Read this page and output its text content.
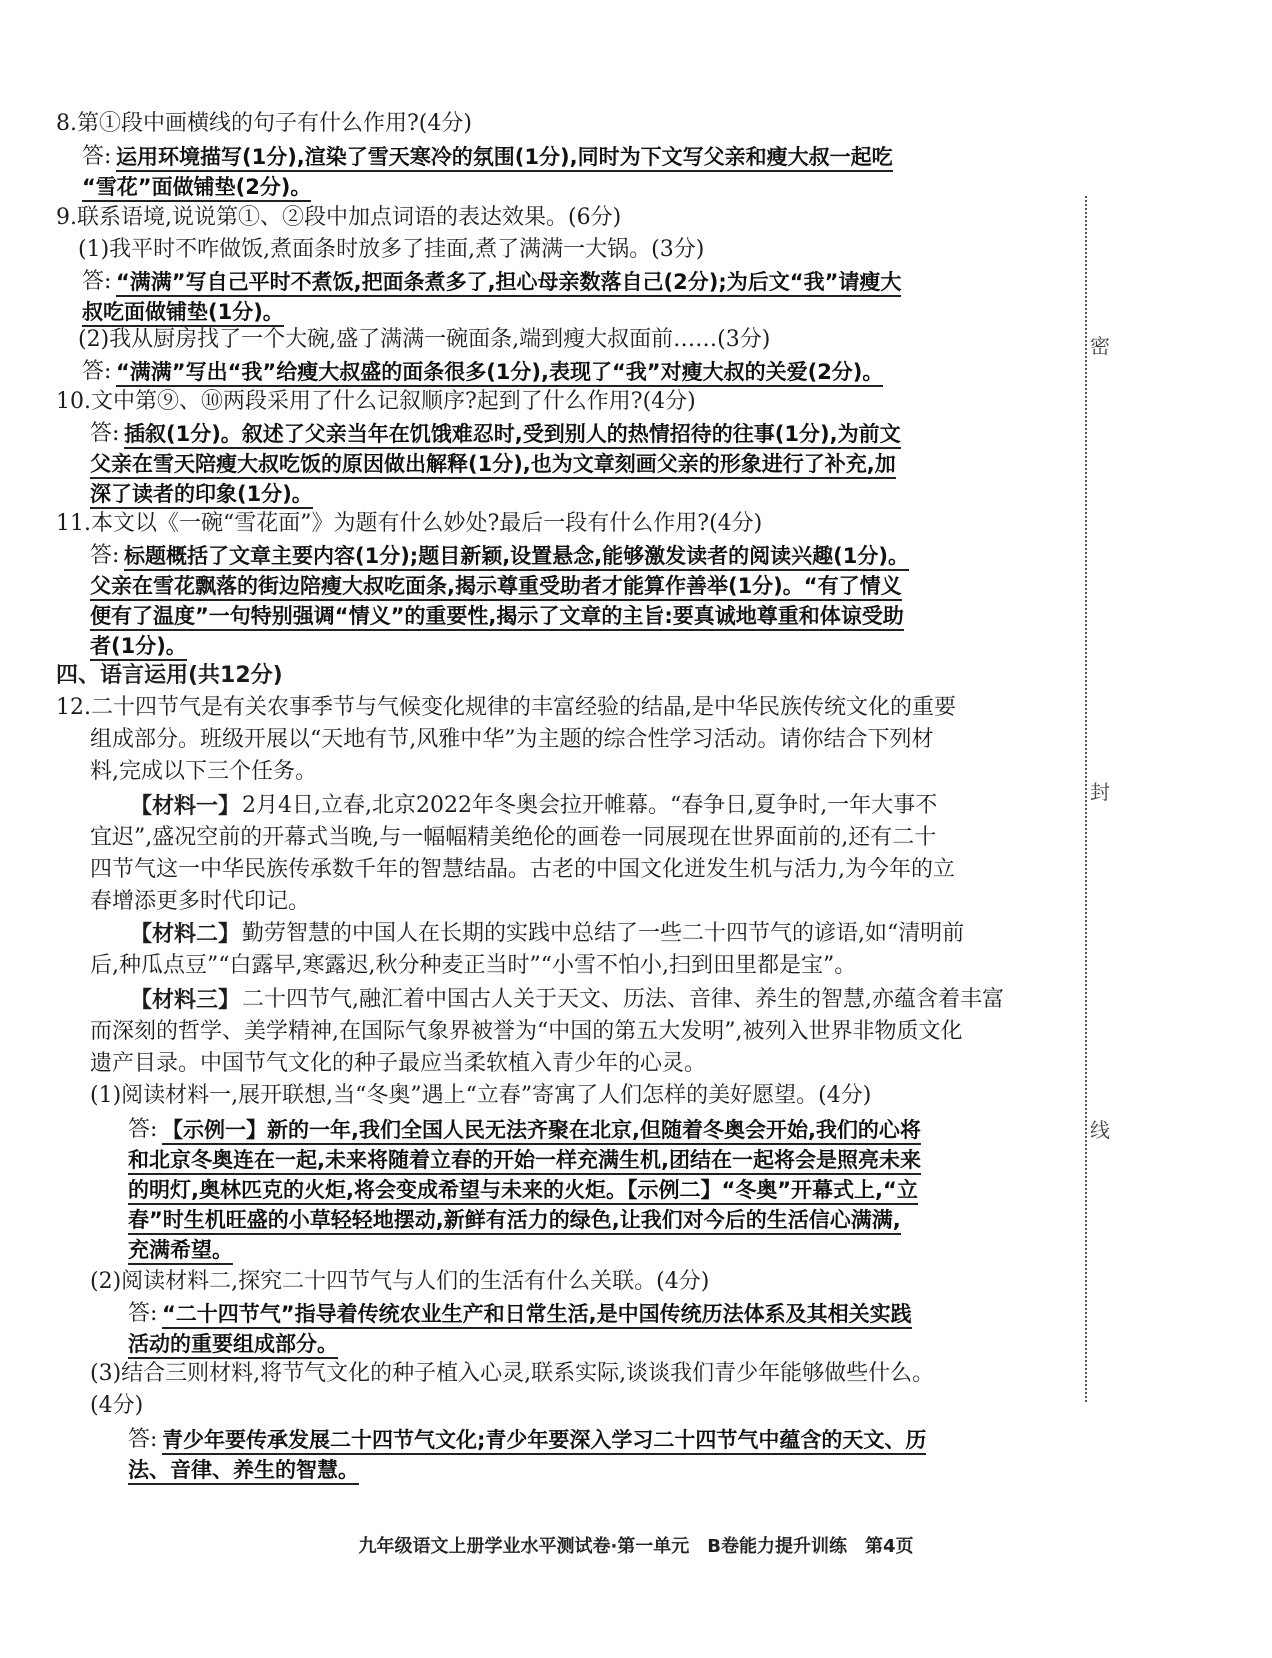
密
封
线
8.第①段中画横线的句子有什么作用?(4分)
答: 运用环境描写(1分),渲染了雪天寒冷的氛围(1分),同时为下文写父亲和瘦大叔一起吃
“雪花”面做铺垫(2分)。
9.联系语境,说说第①、②段中加点词语的表达效果。(6分)
(1)我平时不咋做饭,煮面条时放多了挂面,煮了满满一大锅。(3分)
答: “满满”写自己平时不煮饭,把面条煮多了,担心母亲数落自己(2分);为后文“我”请瘦大
叔吃面做铺垫(1分)。
(2)我从厨房找了一个大碗,盛了满满一碗面条,端到瘦大叔面前……(3分)
答: “满满”写出“我”给瘦大叔盛的面条很多(1分),表现了“我”对瘦大叔的关爱(2分)。
10.文中第⑨、⑩两段采用了什么记叙顺序?起到了什么作用?(4分)
答: 插叙(1分)。叙述了父亲当年在饥饿难忍时,受到别人的热情招待的往事(1分),为前文
父亲在雪天陪瘦大叔吃饭的原因做出解释(1分),也为文章刻画父亲的形象进行了补充,加
深了读者的印象(1分)。
11.本文以《一碗“雪花面”》为题有什么妙处?最后一段有什么作用?(4分)
答: 标题概括了文章主要内容(1分);题目新颖,设置悬念,能够激发读者的阅读兴趣(1分)。
父亲在雪花飘落的街边陪瘦大叔吃面条,揭示尊重受助者才能算作善举(1分)。“有了情义
便有了温度”一句特别强调“情义”的重要性,揭示了文章的主旨:要真诚地尊重和体谅受助
者(1分)。
四、语言运用(共12分)
12.二十四节气是有关农事季节与气候变化规律的丰富经验的结晶,是中华民族传统文化的重要
组成部分。班级开展以“天地有节,风雅中华”为主题的综合性学习活动。请你结合下列材
料,完成以下三个任务。
【材料一】 2月4日,立春,北京2022年冬奥会拉开帷幕。“春争日,夏争时,一年大事不
宜迟”,盛况空前的开幕式当晚,与一幅幅精美绝伦的画卷一同展现在世界面前的,还有二十
四节气这一中华民族传承数千年的智慧结晶。古老的中国文化迸发生机与活力,为今年的立
春增添更多时代印记。
【材料二】 勤劳智慧的中国人在长期的实践中总结了一些二十四节气的谚语,如“清明前
后,种瓜点豆”“白露早,寒露迟,秋分种麦正当时”“小雪不怕小,扫到田里都是宝”。
【材料三】 二十四节气,融汇着中国古人关于天文、历法、音律、养生的智慧,亦蕴含着丰富
而深刻的哲学、美学精神,在国际气象界被誉为“中国的第五大发明”,被列入世界非物质文化
遗产目录。中国节气文化的种子最应当柔软植入青少年的心灵。
(1)阅读材料一,展开联想,当“冬奥”遇上“立春”寄寓了人们怎样的美好愿望。(4分)
答: 【示例一】新的一年,我们全国人民无法齐聚在北京,但随着冬奥会开始,我们的心将
和北京冬奥连在一起,未来将随着立春的开始一样充满生机,团结在一起将会是照亮未来
的明灯,奥林匹克的火炬,将会变成希望与未来的火炬。【示例二】“冬奥”开幕式上,“立
春”时生机旺盛的小草轻轻地摆动,新鲜有活力的绿色,让我们对今后的生活信心满满,
充满希望。
(2)阅读材料二,探究二十四节气与人们的生活有什么关联。(4分)
答: “二十四节气”指导着传统农业生产和日常生活,是中国传统历法体系及其相关实践
活动的重要组成部分。
(3)结合三则材料,将节气文化的种子植入心灵,联系实际,谈谈我们青少年能够做些什么。
(4分)
答: 青少年要传承发展二十四节气文化;青少年要深入学习二十四节气中蕴含的天文、历
法、音律、养生的智慧。
九年级语文上册学业水平测试卷·第一单元　B卷能力提升训练　第4页
